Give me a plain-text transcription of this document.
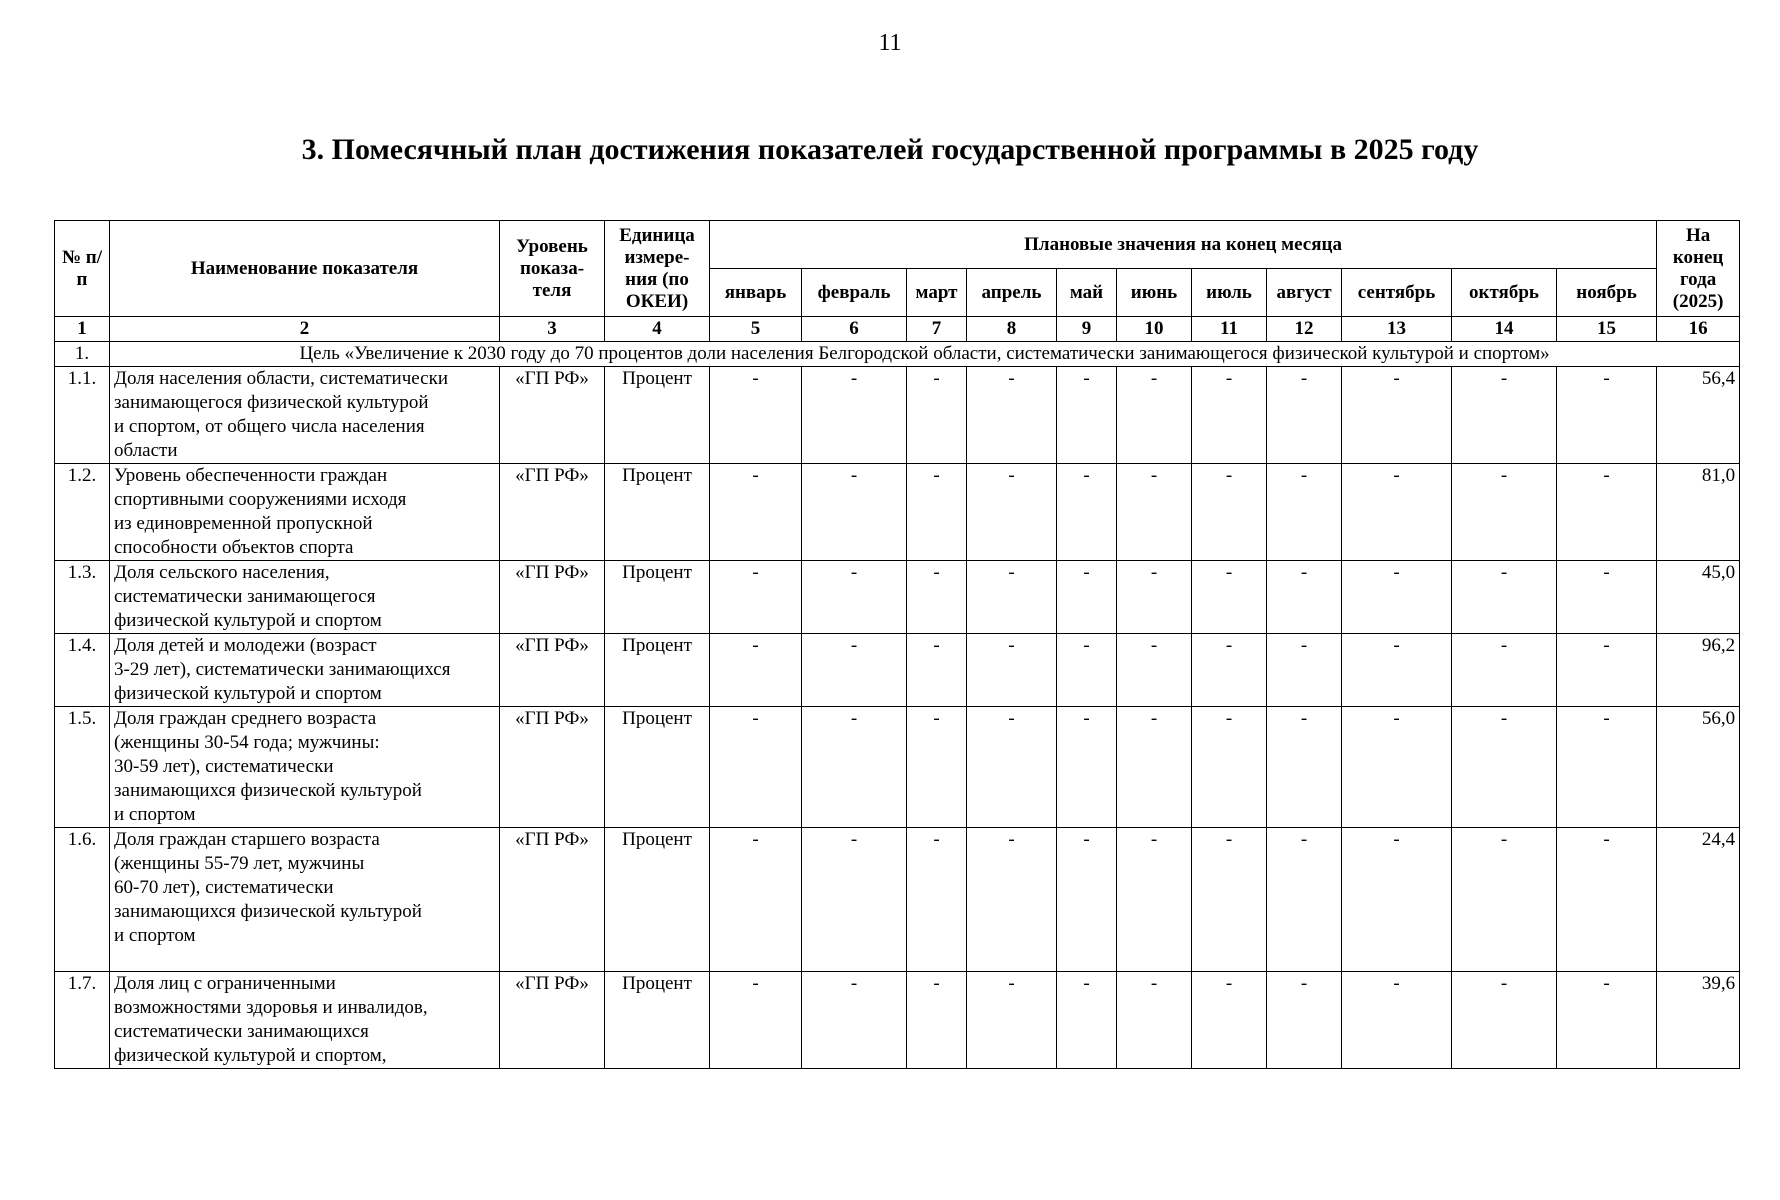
11
3. Помесячный план достижения показателей государственной программы в 2025 году
№ п/п	Наименование показателя	Уровень показа-теля	Единица измере-ния (по ОКЕИ)	Плановые значения на конец месяца											На конец года (2025)
				январь	февраль	март	апрель	май	июнь	июль	август	сентябрь	октябрь	ноябрь	
1	2	3	4	5	6	7	8	9	10	11	12	13	14	15	16
1.	Цель «Увеличение к 2030 году до 70 процентов доли населения Белгородской области, систематически занимающегося физической культурой и спортом»														
1.1.	Доля населения области, систематически
занимающегося физической культурой
и спортом, от общего числа населения
области	«ГП РФ»	Процент	-	-	-	-	-	-	-	-	-	-	-	56,4
1.2.	Уровень обеспеченности граждан
спортивными сооружениями исходя
из единовременной пропускной
способности объектов спорта	«ГП РФ»	Процент	-	-	-	-	-	-	-	-	-	-	-	81,0
1.3.	Доля сельского населения,
систематически занимающегося
физической культурой и спортом	«ГП РФ»	Процент	-	-	-	-	-	-	-	-	-	-	-	45,0
1.4.	Доля детей и молодежи (возраст
3-29 лет), систематически занимающихся
физической культурой и спортом	«ГП РФ»	Процент	-	-	-	-	-	-	-	-	-	-	-	96,2
1.5.	Доля граждан среднего возраста
(женщины 30-54 года; мужчины:
30-59 лет), систематически
занимающихся физической культурой
и спортом	«ГП РФ»	Процент	-	-	-	-	-	-	-	-	-	-	-	56,0
1.6.	Доля граждан старшего возраста
(женщины 55-79 лет, мужчины
60-70 лет), систематически
занимающихся физической культурой
и спортом	«ГП РФ»	Процент	-	-	-	-	-	-	-	-	-	-	-	24,4
1.7.	Доля лиц с ограниченными
возможностями здоровья и инвалидов,
систематически занимающихся
физической культурой и спортом,	«ГП РФ»	Процент	-	-	-	-	-	-	-	-	-	-	-	39,6
